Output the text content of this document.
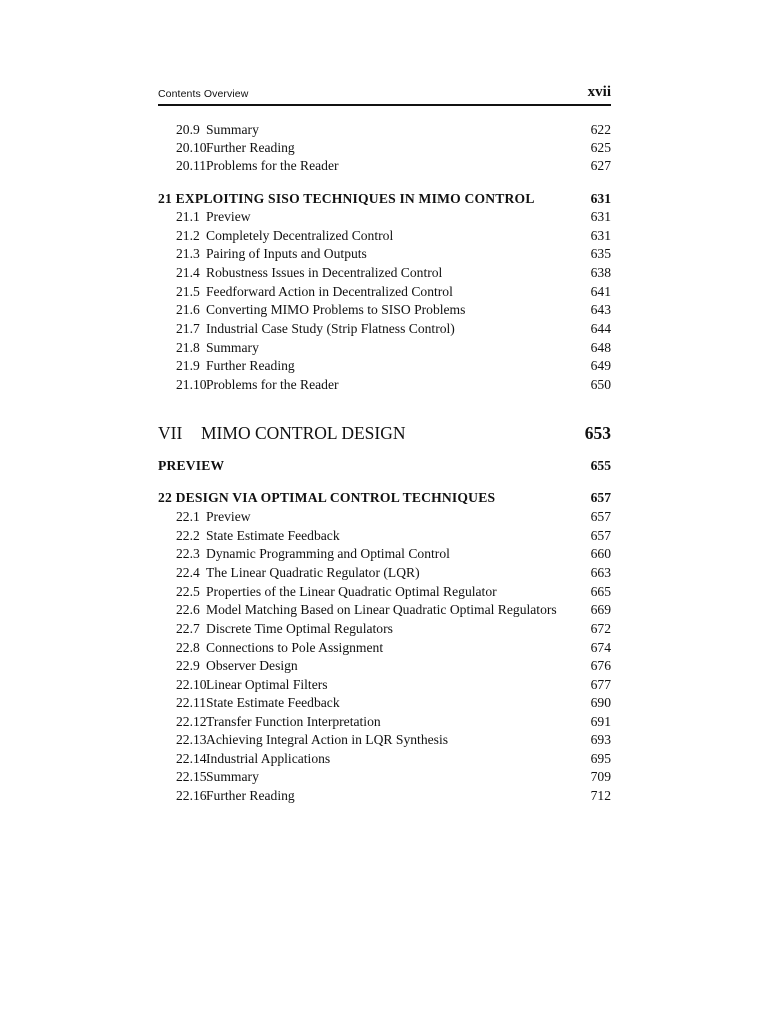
Contents Overview	xvii
20.9 Summary	622
20.10 Further Reading	625
20.11 Problems for the Reader	627
21 EXPLOITING SISO TECHNIQUES IN MIMO CONTROL	631
21.1 Preview	631
21.2 Completely Decentralized Control	631
21.3 Pairing of Inputs and Outputs	635
21.4 Robustness Issues in Decentralized Control	638
21.5 Feedforward Action in Decentralized Control	641
21.6 Converting MIMO Problems to SISO Problems	643
21.7 Industrial Case Study (Strip Flatness Control)	644
21.8 Summary	648
21.9 Further Reading	649
21.10 Problems for the Reader	650
VII MIMO CONTROL DESIGN	653
PREVIEW	655
22 DESIGN VIA OPTIMAL CONTROL TECHNIQUES	657
22.1 Preview	657
22.2 State Estimate Feedback	657
22.3 Dynamic Programming and Optimal Control	660
22.4 The Linear Quadratic Regulator (LQR)	663
22.5 Properties of the Linear Quadratic Optimal Regulator	665
22.6 Model Matching Based on Linear Quadratic Optimal Regulators 669
22.7 Discrete Time Optimal Regulators	672
22.8 Connections to Pole Assignment	674
22.9 Observer Design	676
22.10 Linear Optimal Filters	677
22.11 State Estimate Feedback	690
22.12 Transfer Function Interpretation	691
22.13 Achieving Integral Action in LQR Synthesis	693
22.14 Industrial Applications	695
22.15 Summary	709
22.16 Further Reading	712
